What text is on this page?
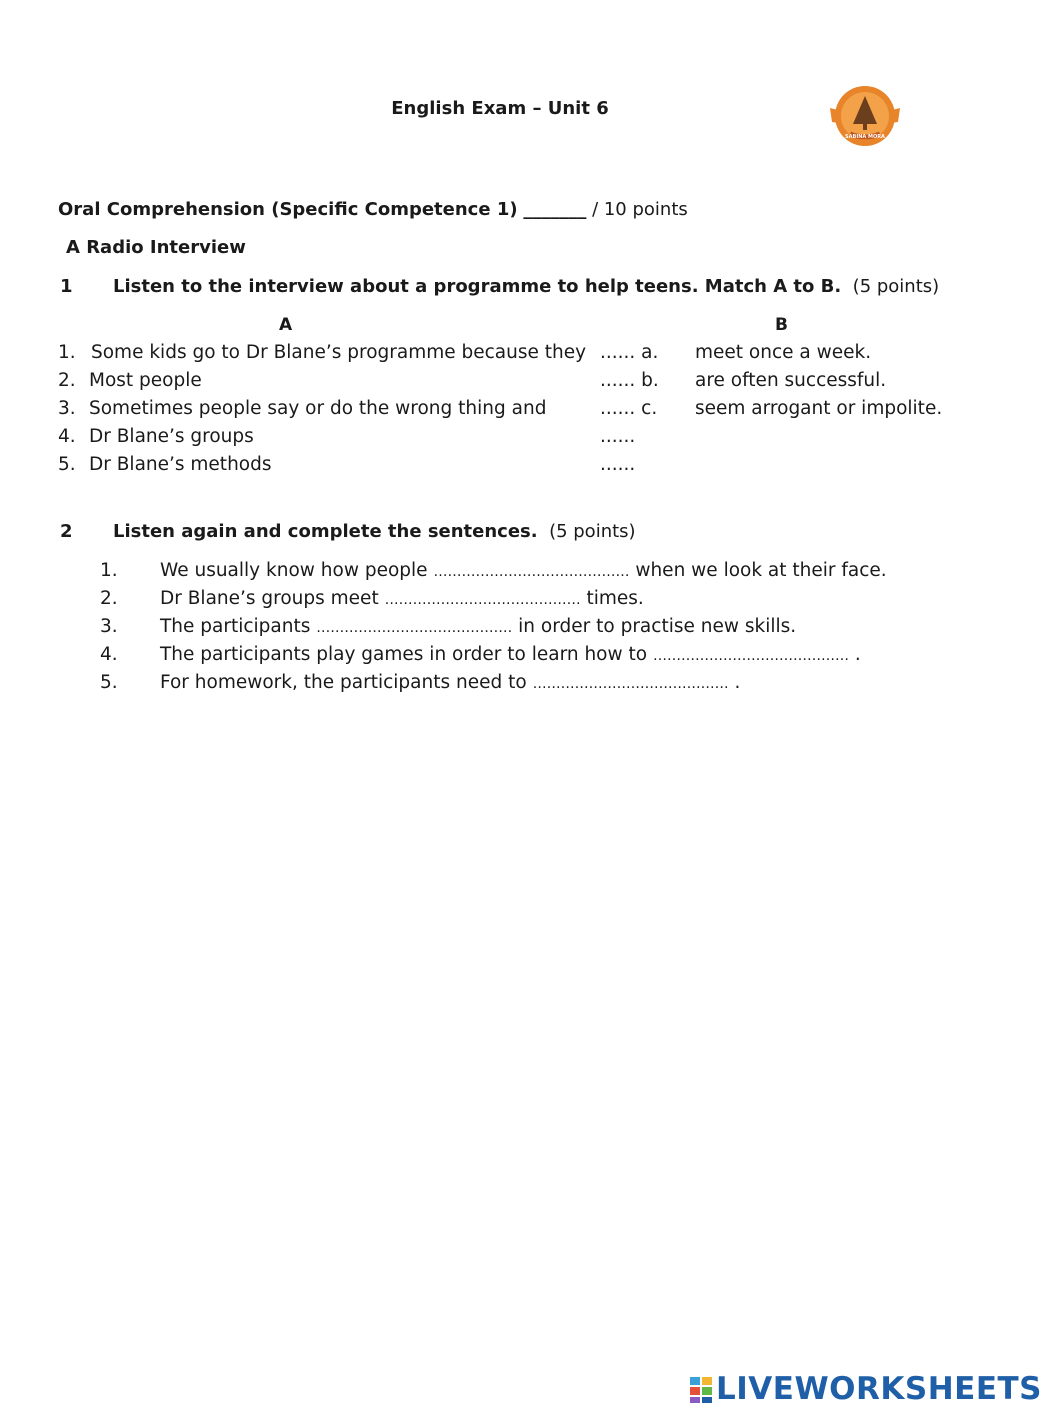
English Exam – Unit 6
SABINA MORA
Oral Comprehension (Specific Competence 1) _______ / 10 points
A Radio Interview
1 Listen to the interview about a programme to help teens. Match A to B. (5 points)
A	B
1. Some kids go to Dr Blane’s programme because they ...... a. meet once a week.
2. Most people	...... b. are often successful.
3. Sometimes people say or do the wrong thing and	...... c. seem arrogant or impolite.
4. Dr Blane’s groups	......
5. Dr Blane’s methods	......
2 Listen again and complete the sentences. (5 points)
1. We usually know how people …………………………………… when we look at their face.
2. Dr Blane’s groups meet …………………………………… times.
3. The participants …………………………………… in order to practise new skills.
4. The participants play games in order to learn how to …………………………………… .
5. For homework, the participants need to …………………………………… .
LIVEWORKSHEETS
